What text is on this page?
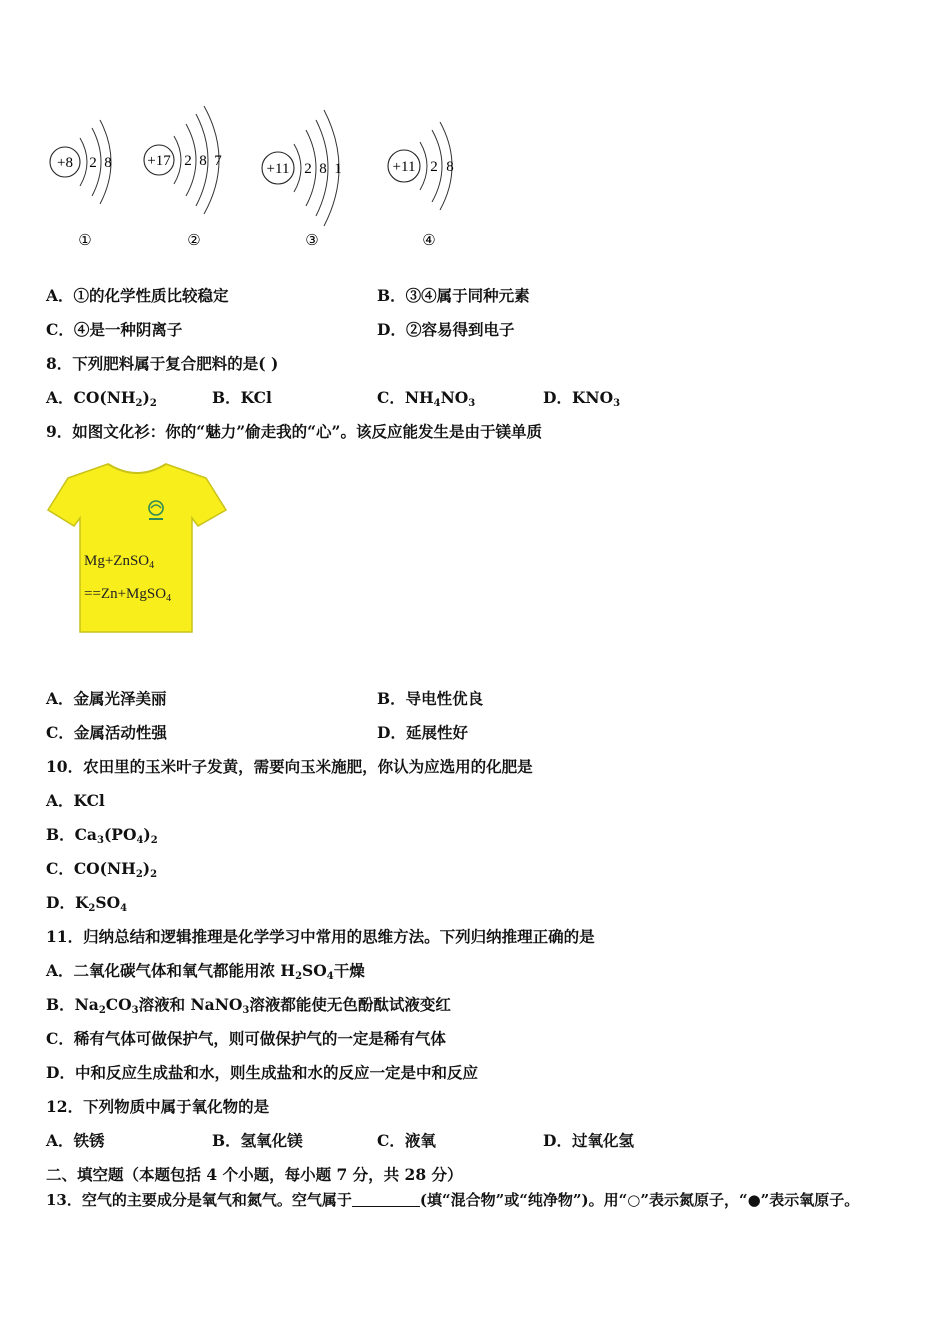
+8 2 8
①
+17 2 8 7
②
+11 2 8 1
③
+11 2 8
④
A．①的化学性质比较稳定	B．③④属于同种元素
C．④是一种阴离子	D．②容易得到电子
8．下列肥料属于复合肥料的是( )
A．$CO(NH_2)_2$	B．KCl	C．$NH_4NO_3$	D．$KNO_3$
9．如图文化衫：你的“魅力”偷走我的“心”。该反应能发生是由于镁单质
Mg+ZnSO$_4$
==Zn+MgSO$_4$
A．金属光泽美丽	B．导电性优良
C．金属活动性强	D．延展性好
10．农田里的玉米叶子发黄，需要向玉米施肥，你认为应选用的化肥是
A．KCl
B．$Ca_3(PO_4)_2$
C．$CO(NH_2)_2$
D．$K_2SO_4$
11．归纳总结和逻辑推理是化学学习中常用的思维方法。下列归纳推理正确的是
A．二氧化碳气体和氧气都能用浓 $H_2SO_4$干燥
B．$Na_2CO_3$溶液和 NaNO$_3$溶液都能使无色酚酞试液变红
C．稀有气体可做保护气，则可做保护气的一定是稀有气体
D．中和反应生成盐和水，则生成盐和水的反应一定是中和反应
12．下列物质中属于氧化物的是
A．铁锈	B．氢氧化镁	C．液氧	D．过氧化氢
二、填空题（本题包括 4 个小题，每小题 7 分，共 28 分）
13．空气的主要成分是氧气和氮气。空气属于	(填“混合物”或“纯净物”)。用“○”表示氮原子，“●”表示氧原子。
